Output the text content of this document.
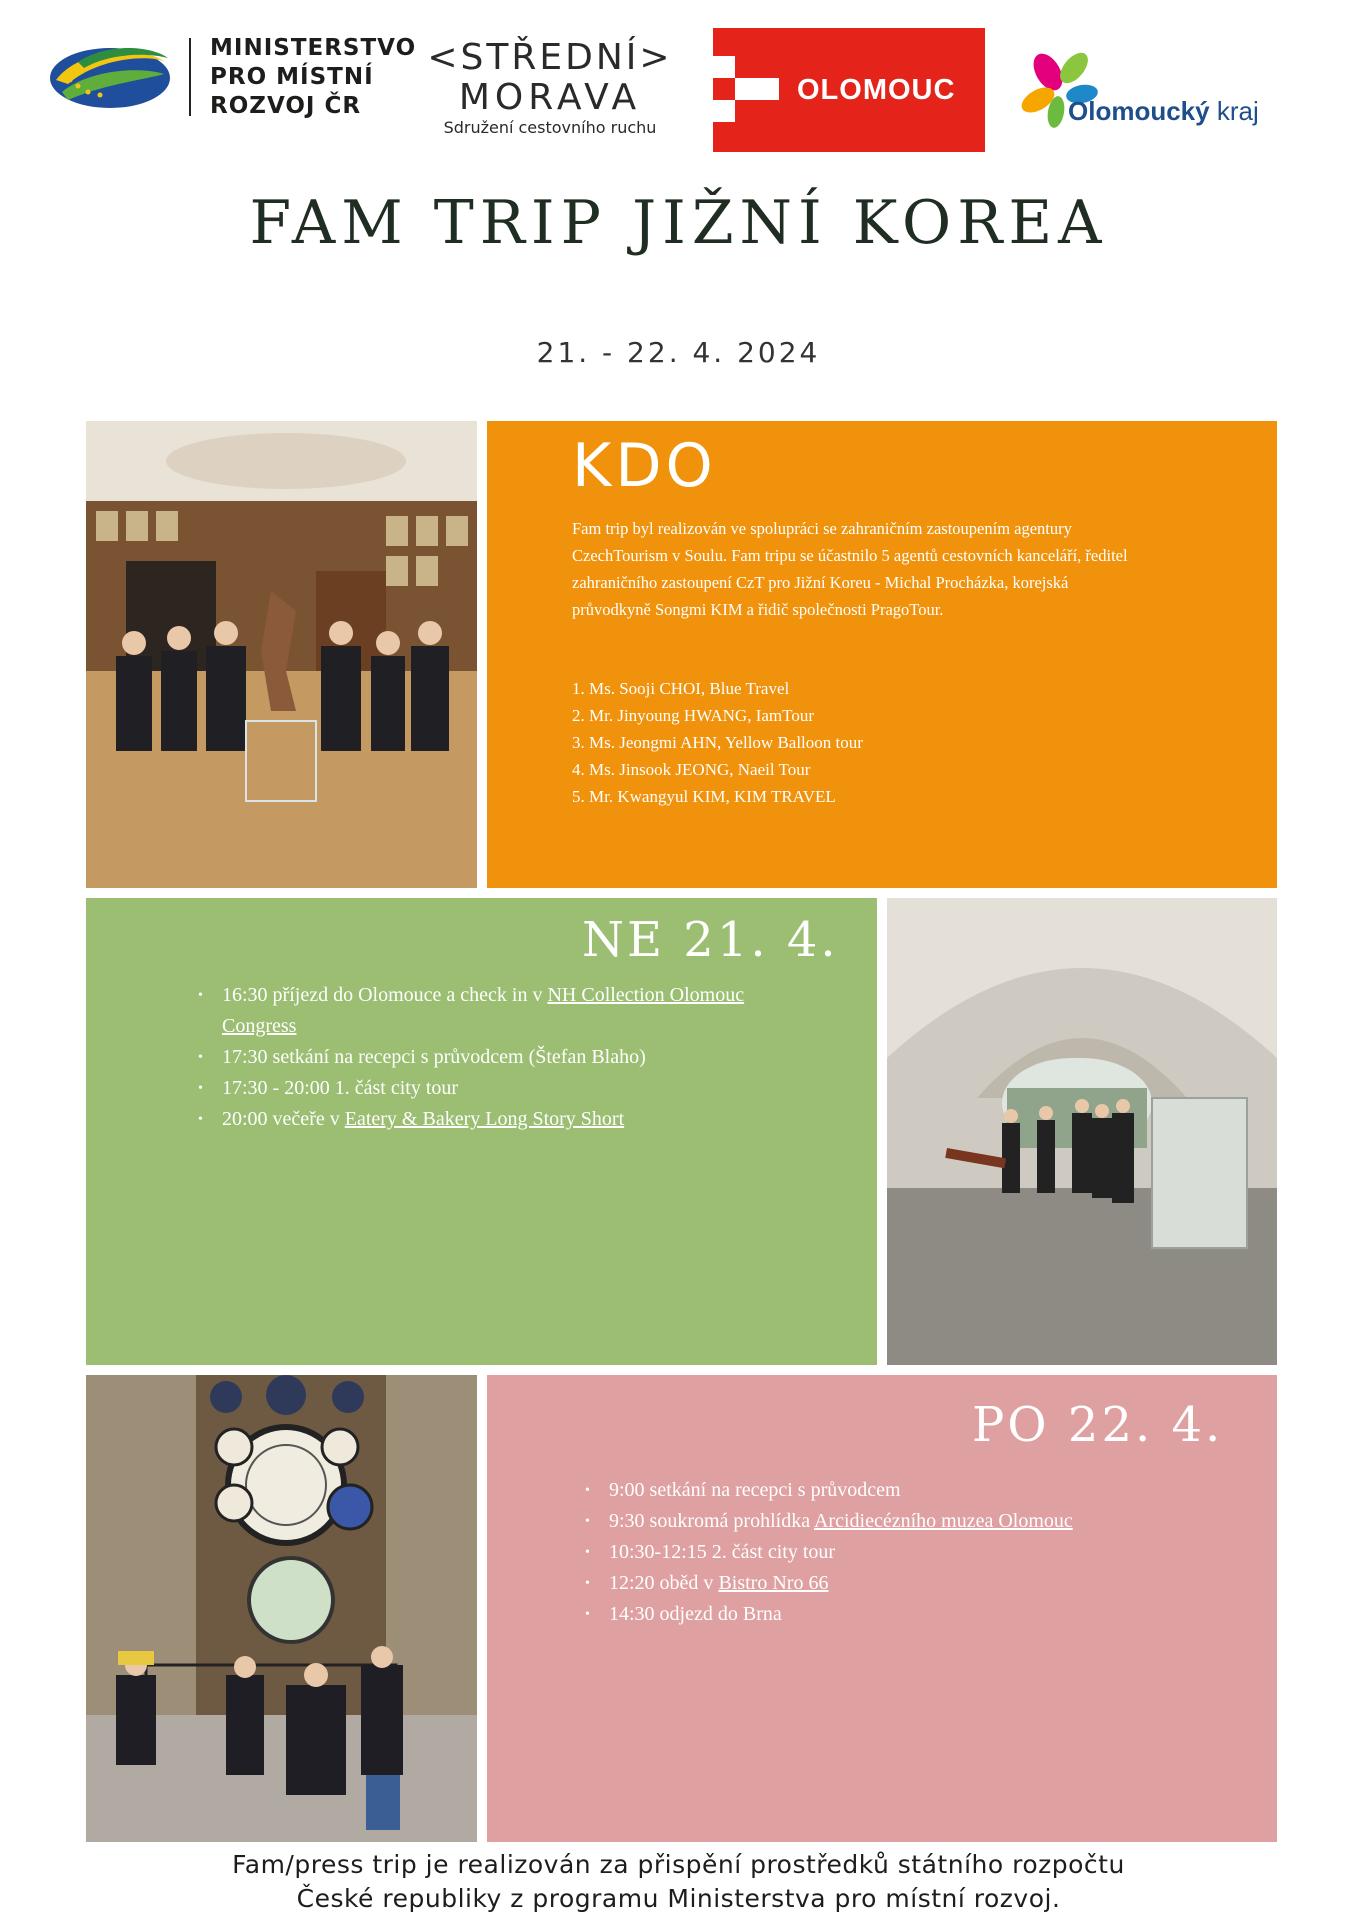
MINISTERSTVO
PRO MÍSTNÍ
ROZVOJ ČR
<STŘEDNÍ>
MORAVA
Sdružení cestovního ruchu
OLOMOUC
Olomoucký kraj
FAM TRIP JIŽNÍ KOREA
21. - 22. 4. 2024
KDO
Fam trip byl realizován ve spolupráci se zahraničním zastoupením agentury CzechTourism v Soulu. Fam tripu se účastnilo 5 agentů cestovních kanceláří, ředitel zahraničního zastoupení CzT pro Jižní Koreu - Michal Procházka, korejská průvodkyně Songmi KIM a řidič společnosti PragoTour.
1. Ms. Sooji CHOI, Blue Travel
2. Mr. Jinyoung HWANG, IamTour
3. Ms. Jeongmi AHN, Yellow Balloon tour
4. Ms. Jinsook JEONG, Naeil Tour
5. Mr. Kwangyul KIM, KIM TRAVEL
NE 21. 4.
• 16:30 příjezd do Olomouce a check in v NH Collection Olomouc Congress
• 17:30 setkání na recepci s průvodcem (Štefan Blaho)
• 17:30 - 20:00 1. část city tour
• 20:00 večeře v Eatery & Bakery Long Story Short
PO 22. 4.
• 9:00 setkání na recepci s průvodcem
• 9:30 soukromá prohlídka Arcidiecézního muzea Olomouc
• 10:30-12:15 2. část city tour
• 12:20 oběd v Bistro Nro 66
• 14:30 odjezd do Brna
Fam/press trip je realizován za přispění prostředků státního rozpočtu
České republiky z programu Ministerstva pro místní rozvoj.
